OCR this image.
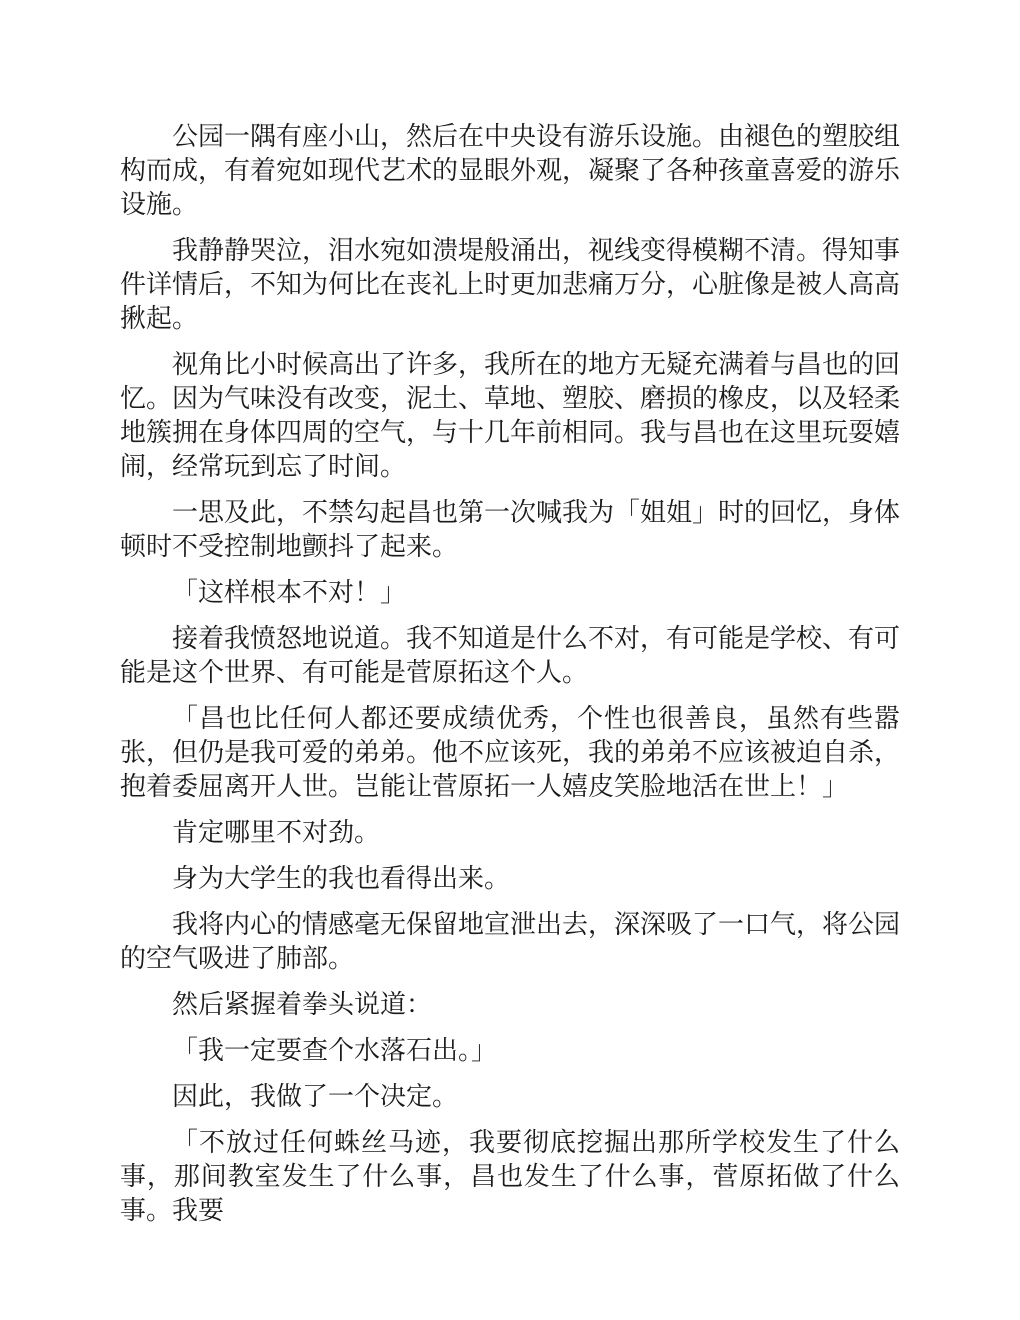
公园一隅有座小山，然后在中央设有游乐设施。由褪色的塑胶组构而成，有着宛如现代艺术的显眼外观，凝聚了各种孩童喜爱的游乐设施。

我静静哭泣，泪水宛如溃堤般涌出，视线变得模糊不清。得知事件详情后，不知为何比在丧礼上时更加悲痛万分，心脏像是被人高高揪起。

视角比小时候高出了许多，我所在的地方无疑充满着与昌也的回忆。因为气味没有改变，泥土、草地、塑胶、磨损的橡皮，以及轻柔地簇拥在身体四周的空气，与十几年前相同。我与昌也在这里玩耍嬉闹，经常玩到忘了时间。

一思及此，不禁勾起昌也第一次喊我为「姐姐」时的回忆，身体顿时不受控制地颤抖了起来。

「这样根本不对！」

接着我愤怒地说道。我不知道是什么不对，有可能是学校、有可能是这个世界、有可能是菅原拓这个人。

「昌也比任何人都还要成绩优秀，个性也很善良，虽然有些嚣张，但仍是我可爱的弟弟。他不应该死，我的弟弟不应该被迫自杀，抱着委屈离开人世。岂能让菅原拓一人嬉皮笑脸地活在世上！」

肯定哪里不对劲。

身为大学生的我也看得出来。

我将内心的情感毫无保留地宣泄出去，深深吸了一口气，将公园的空气吸进了肺部。

然后紧握着拳头说道：

「我一定要查个水落石出。」

因此，我做了一个决定。

「不放过任何蛛丝马迹，我要彻底挖掘出那所学校发生了什么事，那间教室发生了什么事，昌也发生了什么事，菅原拓做了什么事。我要
